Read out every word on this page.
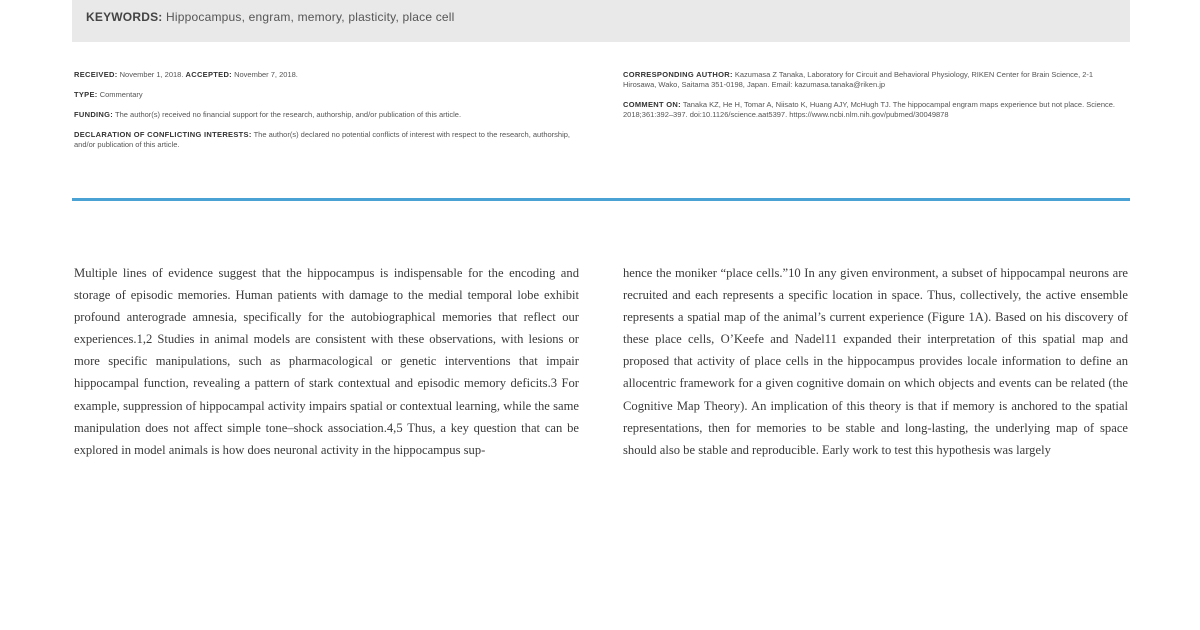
KEYWORDS: Hippocampus, engram, memory, plasticity, place cell

RECEIVED: November 1, 2018. ACCEPTED: November 7, 2018.

TYPE: Commentary

FUNDING: The author(s) received no financial support for the research, authorship, and/or publication of this article.

DECLARATION OF CONFLICTING INTERESTS: The author(s) declared no potential conflicts of interest with respect to the research, authorship, and/or publication of this article.

CORRESPONDING AUTHOR: Kazumasa Z Tanaka, Laboratory for Circuit and Behavioral Physiology, RIKEN Center for Brain Science, 2-1 Hirosawa, Wako, Saitama 351-0198, Japan. Email: kazumasa.tanaka@riken.jp

COMMENT ON: Tanaka KZ, He H, Tomar A, Niisato K, Huang AJY, McHugh TJ. The hippocampal engram maps experience but not place. Science. 2018;361:392–397. doi:10.1126/science.aat5397. https://www.ncbi.nlm.nih.gov/pubmed/30049878

Multiple lines of evidence suggest that the hippocampus is indispensable for the encoding and storage of episodic memories. Human patients with damage to the medial temporal lobe exhibit profound anterograde amnesia, specifically for the autobiographical memories that reflect our experiences.1,2 Studies in animal models are consistent with these observations, with lesions or more specific manipulations, such as pharmacological or genetic interventions that impair hippocampal function, revealing a pattern of stark contextual and episodic memory deficits.3 For example, suppression of hippocampal activity impairs spatial or contextual learning, while the same manipulation does not affect simple tone–shock association.4,5 Thus, a key question that can be explored in model animals is how does neuronal activity in the hippocampus sup-
hence the moniker “place cells.”10 In any given environment, a subset of hippocampal neurons are recruited and each represents a specific location in space. Thus, collectively, the active ensemble represents a spatial map of the animal’s current experience (Figure 1A). Based on his discovery of these place cells, O’Keefe and Nadel11 expanded their interpretation of this spatial map and proposed that activity of place cells in the hippocampus provides locale information to define an allocentric framework for a given cognitive domain on which objects and events can be related (the Cognitive Map Theory). An implication of this theory is that if memory is anchored to the spatial representations, then for memories to be stable and long-lasting, the underlying map of space should also be stable and reproducible. Early work to test this hypothesis was largely
